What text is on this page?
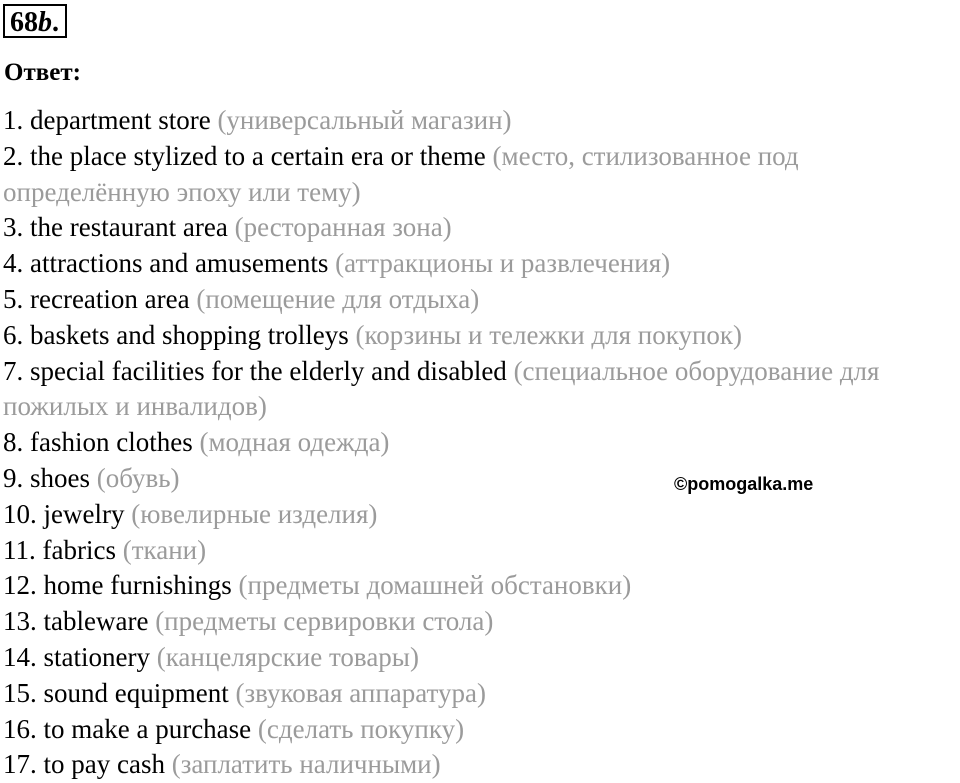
68b.
Ответ:
1. department store (универсальный магазин)
2. the place stylized to a certain era or theme (место, стилизованное под определённую эпоху или тему)
3. the restaurant area (ресторанная зона)
4. attractions and amusements (аттракционы и развлечения)
5. recreation area (помещение для отдыха)
6. baskets and shopping trolleys (корзины и тележки для покупок)
7. special facilities for the elderly and disabled (специальное оборудование для пожилых и инвалидов)
8. fashion clothes (модная одежда)
9. shoes (обувь)
10. jewelry (ювелирные изделия)
11. fabrics (ткани)
12. home furnishings (предметы домашней обстановки)
13. tableware (предметы сервировки стола)
14. stationery (канцелярские товары)
15. sound equipment (звуковая аппаратура)
16. to make a purchase (сделать покупку)
17. to pay cash (заплатить наличными)
©pomogalka.me
